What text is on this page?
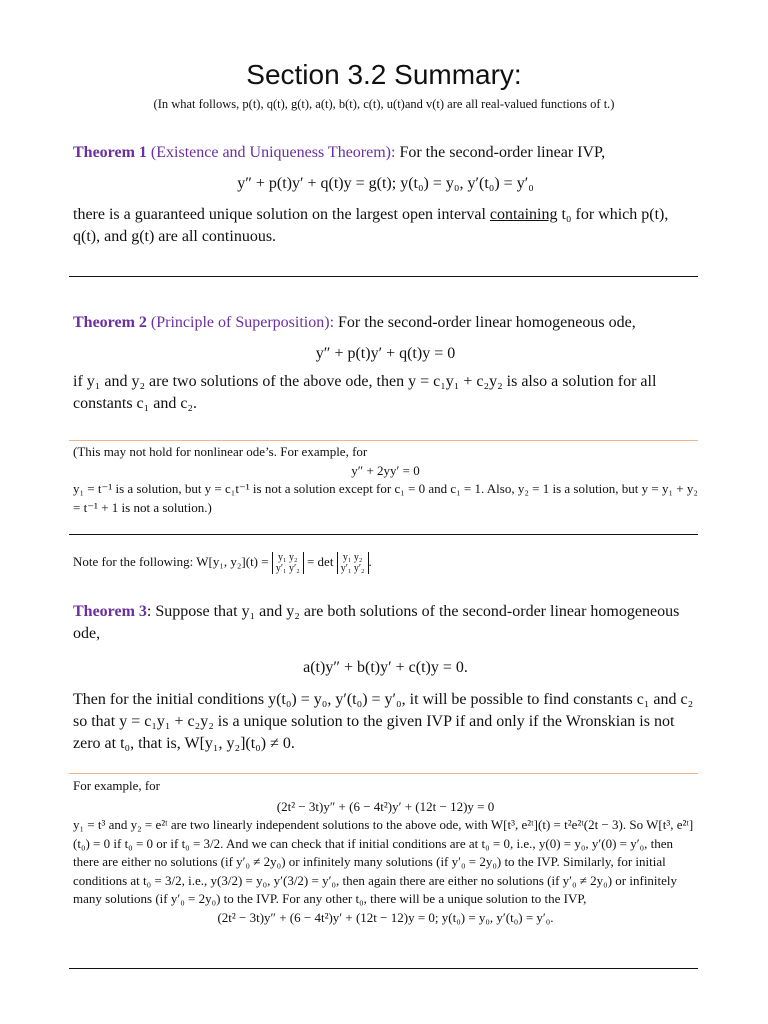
Section 3.2 Summary:
(In what follows, p(t), q(t), g(t), a(t), b(t), c(t), u(t)and v(t) are all real-valued functions of t.)

Theorem 1 (Existence and Uniqueness Theorem): For the second-order linear IVP,

y″ + p(t)y′ + q(t)y = g(t); y(t₀) = y₀, y′(t₀) = y′₀

there is a guaranteed unique solution on the largest open interval containing t₀ for which p(t), q(t), and g(t) are all continuous.

Theorem 2 (Principle of Superposition): For the second-order linear homogeneous ode,

y″ + p(t)y′ + q(t)y = 0

if y₁ and y₂ are two solutions of the above ode, then y = c₁y₁ + c₂y₂ is also a solution for all constants c₁ and c₂.

(This may not hold for nonlinear ode’s. For example, for

y″ + 2yy′ = 0

y₁ = t⁻¹ is a solution, but y = c₁t⁻¹ is not a solution except for c₁ = 0 and c₁ = 1. Also, y₂ = 1 is a solution, but y = y₁ + y₂ = t⁻¹ + 1 is not a solution.)

Note for the following: W[y₁, y₂](t) = y₁ y₂
y′₁ y′₂ = det y₁ y₂
y′₁ y′₂ .

Theorem 3: Suppose that y₁ and y₂ are both solutions of the second-order linear homogeneous ode,

a(t)y″ + b(t)y′ + c(t)y = 0.

Then for the initial conditions y(t₀) = y₀, y′(t₀) = y′₀, it will be possible to find constants c₁ and c₂ so that y = c₁y₁ + c₂y₂ is a unique solution to the given IVP if and only if the Wronskian is not zero at t₀, that is, W[y₁, y₂](t₀) ≠ 0.

For example, for

(2t² − 3t)y″ + (6 − 4t²)y′ + (12t − 12)y = 0

y₁ = t³ and y₂ = e²ᵗ are two linearly independent solutions to the above ode, with W[t³, e²ᵗ](t) = t²e²ᵗ(2t − 3). So W[t³, e²ᵗ](t₀) = 0 if t₀ = 0 or if t₀ = 3/2. And we can check that if initial conditions are at t₀ = 0, i.e., y(0) = y₀, y′(0) = y′₀, then there are either no solutions (if y′₀ ≠ 2y₀) or infinitely many solutions (if y′₀ = 2y₀) to the IVP. Similarly, for initial conditions at t₀ = 3/2, i.e., y(3/2) = y₀, y′(3/2) = y′₀, then again there are either no solutions (if y′₀ ≠ 2y₀) or infinitely many solutions (if y′₀ = 2y₀) to the IVP. For any other t₀, there will be a unique solution to the IVP,

(2t² − 3t)y″ + (6 − 4t²)y′ + (12t − 12)y = 0; y(t₀) = y₀, y′(t₀) = y′₀.
